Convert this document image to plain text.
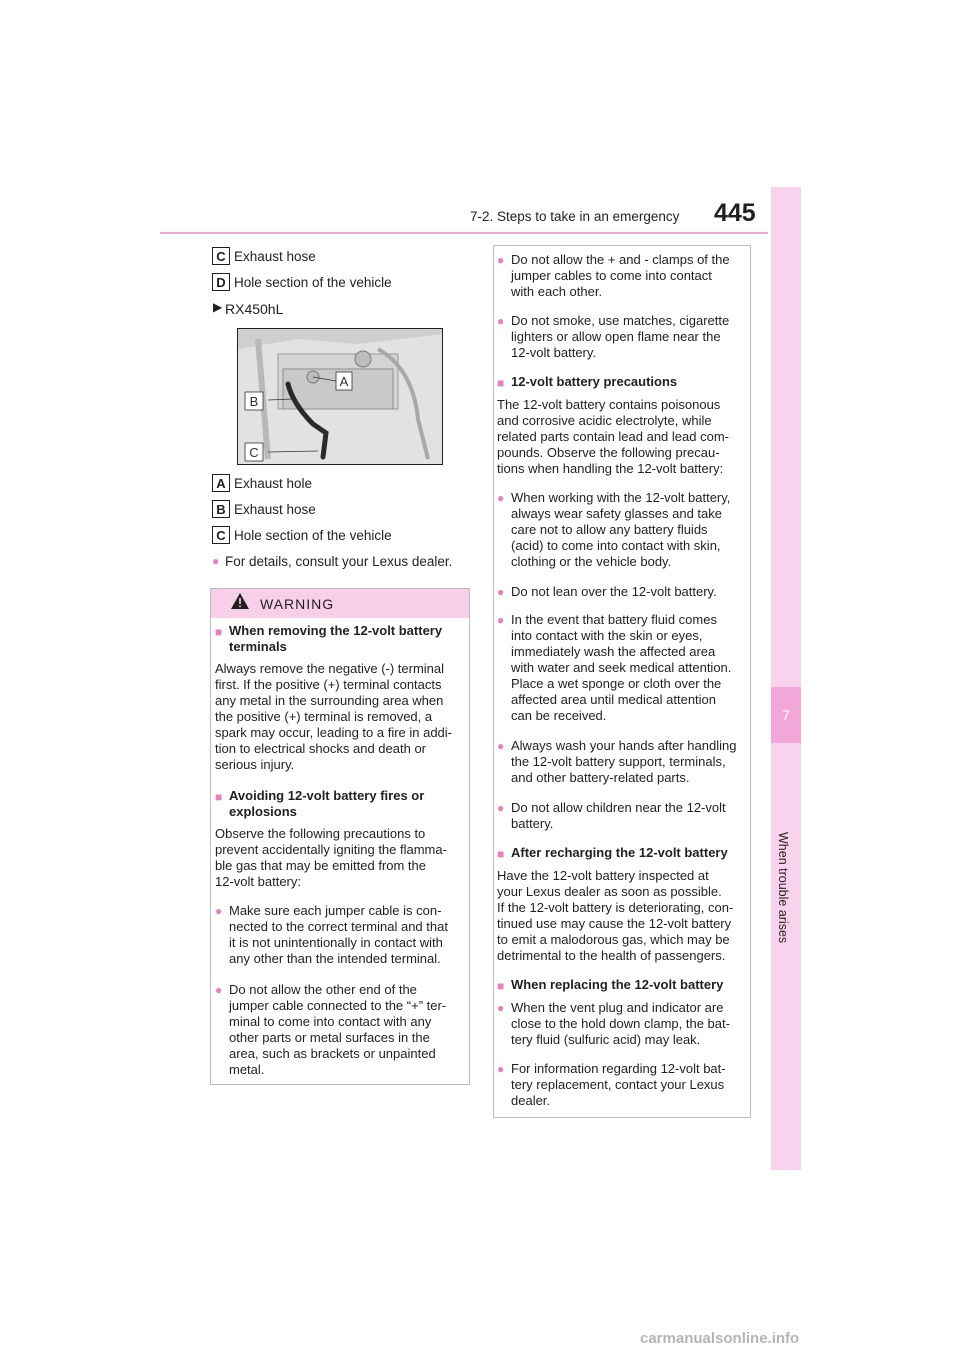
7-2. Steps to take in an emergency 445
7
When trouble arises
C Exhaust hose
D Hole section of the vehicle
▶ RX450hL
A
B
C
A Exhaust hole
B Exhaust hose
C Hole section of the vehicle
● For details, consult your Lexus dealer.
WARNING
■ When removing the 12-volt battery
terminals
Always remove the negative (-) terminal
first. If the positive (+) terminal contacts
any metal in the surrounding area when
the positive (+) terminal is removed, a
spark may occur, leading to a fire in addi-
tion to electrical shocks and death or
serious injury.
■ Avoiding 12-volt battery fires or
explosions
Observe the following precautions to
prevent accidentally igniting the flamma-
ble gas that may be emitted from the
12-volt battery:
● Make sure each jumper cable is con-
nected to the correct terminal and that
it is not unintentionally in contact with
any other than the intended terminal.
● Do not allow the other end of the
jumper cable connected to the “+” ter-
minal to come into contact with any
other parts or metal surfaces in the
area, such as brackets or unpainted
metal.
● Do not allow the + and - clamps of the
jumper cables to come into contact
with each other.
● Do not smoke, use matches, cigarette
lighters or allow open flame near the
12-volt battery.
■ 12-volt battery precautions
The 12-volt battery contains poisonous
and corrosive acidic electrolyte, while
related parts contain lead and lead com-
pounds. Observe the following precau-
tions when handling the 12-volt battery:
● When working with the 12-volt battery,
always wear safety glasses and take
care not to allow any battery fluids
(acid) to come into contact with skin,
clothing or the vehicle body.
● Do not lean over the 12-volt battery.
● In the event that battery fluid comes
into contact with the skin or eyes,
immediately wash the affected area
with water and seek medical attention.
Place a wet sponge or cloth over the
affected area until medical attention
can be received.
● Always wash your hands after handling
the 12-volt battery support, terminals,
and other battery-related parts.
● Do not allow children near the 12-volt
battery.
■ After recharging the 12-volt battery
Have the 12-volt battery inspected at
your Lexus dealer as soon as possible.
If the 12-volt battery is deteriorating, con-
tinued use may cause the 12-volt battery
to emit a malodorous gas, which may be
detrimental to the health of passengers.
■ When replacing the 12-volt battery
● When the vent plug and indicator are
close to the hold down clamp, the bat-
tery fluid (sulfuric acid) may leak.
● For information regarding 12-volt bat-
tery replacement, contact your Lexus
dealer.
carmanualsonline.info
